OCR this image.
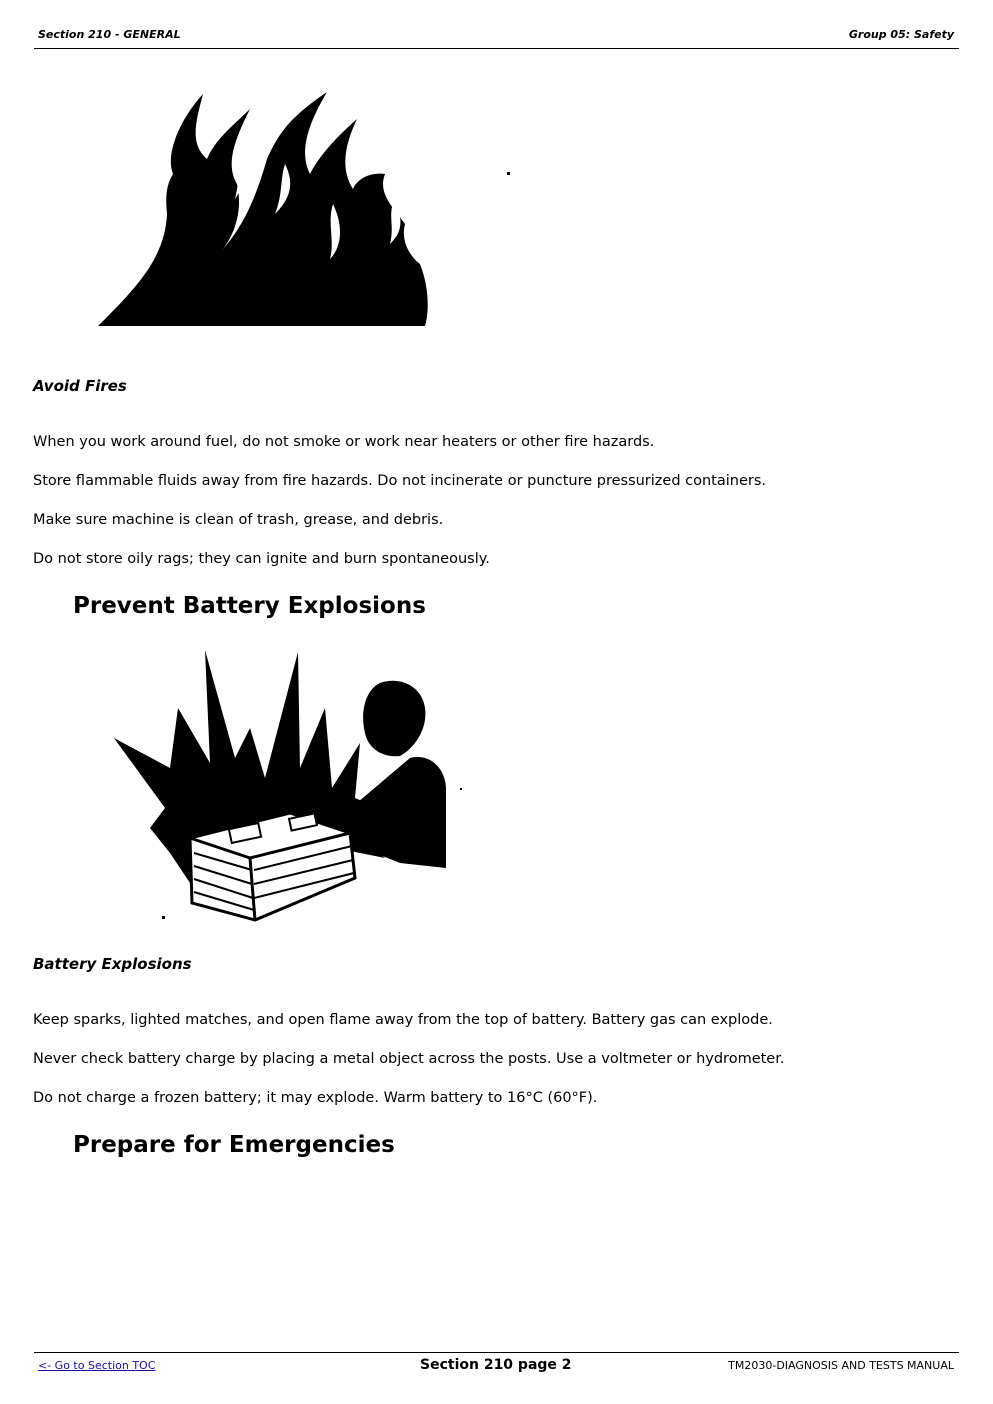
Section 210 - GENERAL	Group 05: Safety
Avoid Fires
When you work around fuel, do not smoke or work near heaters or other fire hazards.
Store flammable fluids away from fire hazards. Do not incinerate or puncture pressurized containers.
Make sure machine is clean of trash, grease, and debris.
Do not store oily rags; they can ignite and burn spontaneously.
Prevent Battery Explosions
Battery Explosions
Keep sparks, lighted matches, and open flame away from the top of battery. Battery gas can explode.
Never check battery charge by placing a metal object across the posts. Use a voltmeter or hydrometer.
Do not charge a frozen battery; it may explode. Warm battery to 16°C (60°F).
Prepare for Emergencies
<- Go to Section TOC	Section 210 page 2	TM2030-DIAGNOSIS AND TESTS MANUAL
